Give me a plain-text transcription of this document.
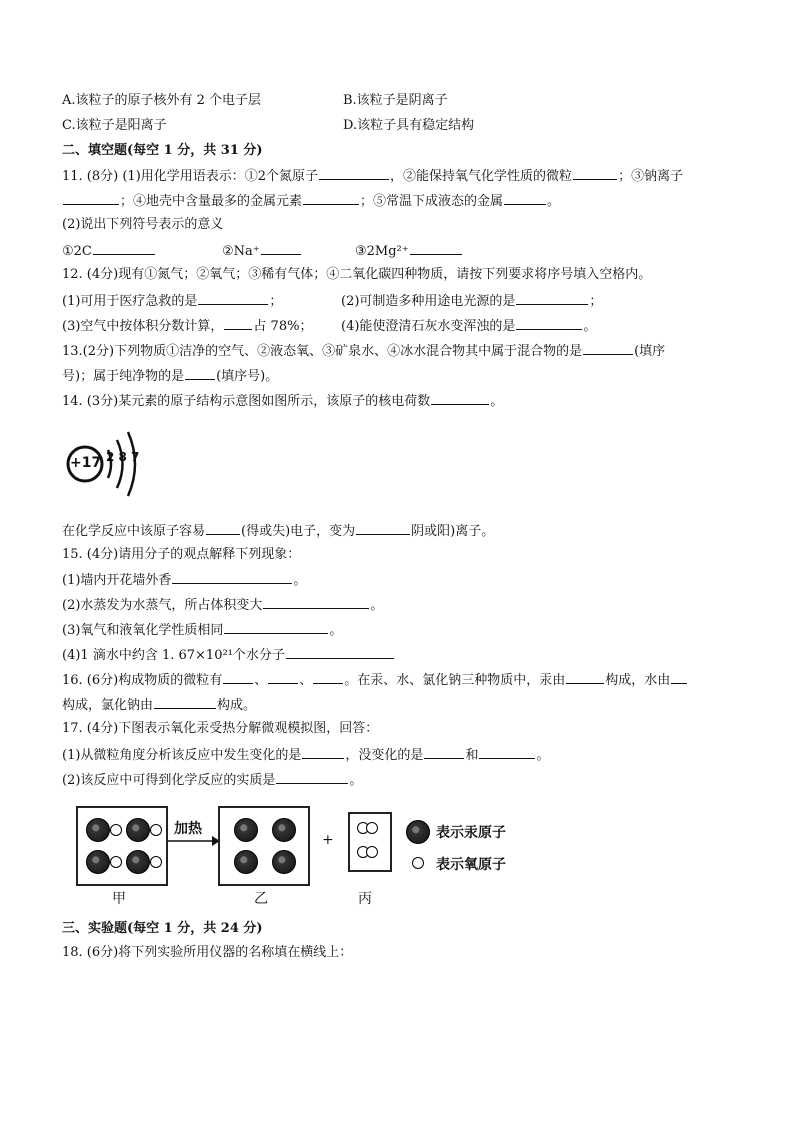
A.该粒子的原子核外有 2 个电子层	B.该粒子是阴离子
C.该粒子是阳离子	D.该粒子具有稳定结构
二、填空题(每空 1 分，共 31 分)
11. (8分) (1)用化学用语表示：①2个氮原子	，②能保持氧气化学性质的微粒	；③钠离子
；④地壳中含量最多的金属元素	；⑤常温下成液态的金属	。
(2)说出下列符号表示的意义
①2C	②Na⁺	③2Mg²⁺
12. (4分)现有①氮气；②氧气；③稀有气体；④二氧化碳四种物质，请按下列要求将序号填入空格内。
(1)可用于医疗急救的是	；	(2)可制造多种用途电光源的是	；
(3)空气中按体积分数计算， 占 78%； (4)能使澄清石灰水变浑浊的是	。
13.(2分)下列物质①洁净的空气、②液态氧、③矿泉水、④冰水混合物其中属于混合物的是	(填序
号)；属于纯净物的是 (填序号)。
14. (3分)某元素的原子结构示意图如图所示，该原子的核电荷数	。
+17 2 8 7
在化学反应中该原子容易	(得或失)电子，变为	阴或阳)离子。
15. (4分)请用分子的观点解释下列现象：
(1)墙内开花墙外香	。
(2)水蒸发为水蒸气，所占体积变大	。
(3)氧气和液氧化学性质相同	。
(4)1 滴水中约含 1. 67×10²¹个水分子
16. (6分)构成物质的微粒有 、 、 。在汞、水、氯化钠三种物质中，汞由	构成，水由
构成，氯化钠由	构成。
17. (4分)下图表示氧化汞受热分解微观模拟图，回答：
(1)从微粒角度分析该反应中发生变化的是	，没变化的是	和	。
(2)该反应中可得到化学反应的实质是	。
加热
+	表示汞原子
表示氧原子
甲	乙	丙
三、实验题(每空 1 分，共 24 分)
18. (6分)将下列实验所用仪器的名称填在横线上：
